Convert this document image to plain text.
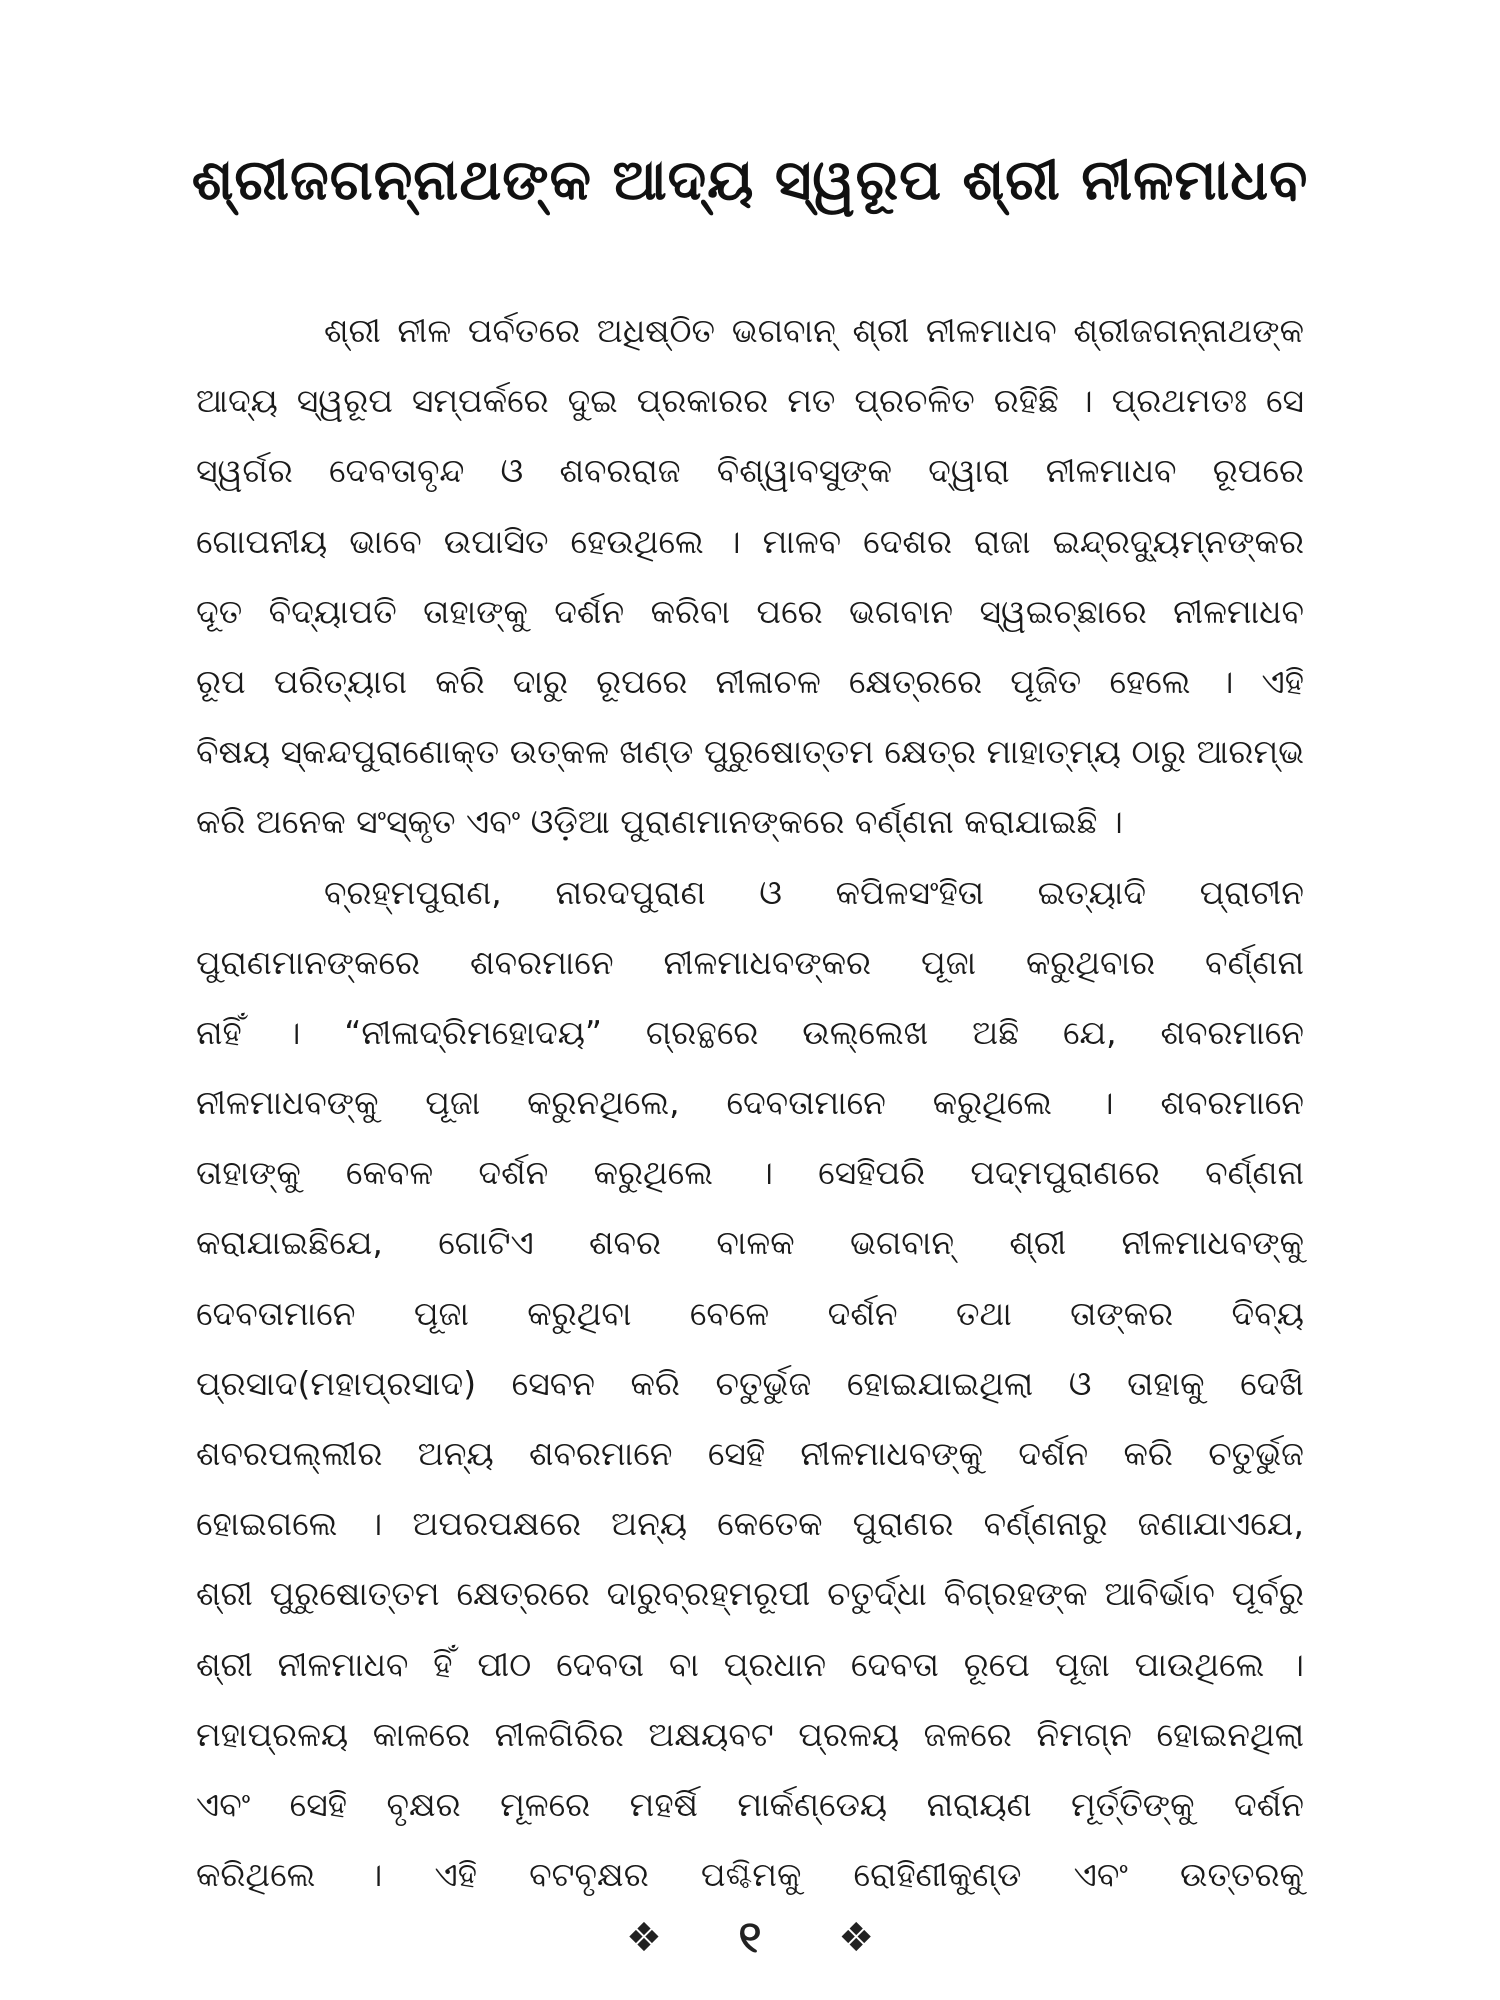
ଶ୍ରୀଜଗନ୍ନାଥଙ୍କ ଆଦ୍ୟ ସ୍ୱରୂପ ଶ୍ରୀ ନୀଳମାଧବ
ଶ୍ରୀ ନୀଳ ପର୍ବତରେ ଅଧିଷ୍ଠିତ ଭଗବାନ୍ ଶ୍ରୀ ନୀଳମାଧବ ଶ୍ରୀଜଗନ୍ନାଥଙ୍କ
ଆଦ୍ୟ ସ୍ୱରୂପ ସମ୍ପର୍କରେ ଦୁଇ ପ୍ରକାରର ମତ ପ୍ରଚଳିତ ରହିଛି । ପ୍ରଥମତଃ ସେ
ସ୍ୱର୍ଗର ଦେବତାବୃନ୍ଦ ଓ ଶବରରାଜ ବିଶ୍ୱାବସୁଙ୍କ ଦ୍ୱାରା ନୀଳମାଧବ ରୂପରେ
ଗୋପନୀୟ ଭାବେ ଉପାସିତ ହେଉଥିଲେ । ମାଳବ ଦେଶର ରାଜା ଇନ୍ଦ୍ରଦ୍ୟୁମ୍ନଙ୍କର
ଦୂତ ବିଦ୍ୟାପତି ତାହାଙ୍କୁ ଦର୍ଶନ କରିବା ପରେ ଭଗବାନ ସ୍ୱଇଚ୍ଛାରେ ନୀଳମାଧବ
ରୂପ ପରିତ୍ୟାଗ କରି ଦାରୁ ରୂପରେ ନୀଳାଚଳ କ୍ଷେତ୍ରରେ ପୂଜିତ ହେଲେ । ଏହି
ବିଷୟ ସ୍କନ୍ଦପୁରାଣୋକ୍ତ ଉତ୍କଳ ଖଣ୍ଡ ପୁରୁଷୋତ୍ତମ କ୍ଷେତ୍ର ମାହାତ୍ମ୍ୟ ଠାରୁ ଆରମ୍ଭ
କରି ଅନେକ ସଂସ୍କୃତ ଏବଂ ଓଡ଼ିଆ ପୁରାଣମାନଙ୍କରେ ବର୍ଣ୍ଣନା କରାଯାଇଛି ।
ବ୍ରହ୍ମପୁରାଣ, ନାରଦପୁରାଣ ଓ କପିଳସଂହିତା ଇତ୍ୟାଦି ପ୍ରାଚୀନ
ପୁରାଣମାନଙ୍କରେ ଶବରମାନେ ନୀଳମାଧବଙ୍କର ପୂଜା କରୁଥିବାର ବର୍ଣ୍ଣନା
ନାହିଁ । “ନୀଳାଦ୍ରିମହୋଦୟ” ଗ୍ରନ୍ଥରେ ଉଲ୍ଲେଖ ଅଛି ଯେ, ଶବରମାନେ
ନୀଳମାଧବଙ୍କୁ ପୂଜା କରୁନଥିଲେ, ଦେବତାମାନେ କରୁଥିଲେ । ଶବରମାନେ
ତାହାଙ୍କୁ କେବଳ ଦର୍ଶନ କରୁଥିଲେ । ସେହିପରି ପଦ୍ମପୁରାଣରେ ବର୍ଣ୍ଣନା
କରାଯାଇଛିଯେ, ଗୋଟିଏ ଶବର ବାଳକ ଭଗବାନ୍ ଶ୍ରୀ ନୀଳମାଧବଙ୍କୁ
ଦେବତାମାନେ ପୂଜା କରୁଥିବା ବେଳେ ଦର୍ଶନ ତଥା ତାଙ୍କର ଦିବ୍ୟ
ପ୍ରସାଦ(ମହାପ୍ରସାଦ) ସେବନ କରି ଚତୁର୍ଭୁଜ ହୋଇଯାଇଥିଲା ଓ ତାହାକୁ ଦେଖି
ଶବରପଲ୍ଲୀର ଅନ୍ୟ ଶବରମାନେ ସେହି ନୀଳମାଧବଙ୍କୁ ଦର୍ଶନ କରି ଚତୁର୍ଭୁଜ
ହୋଇଗଲେ । ଅପରପକ୍ଷରେ ଅନ୍ୟ କେତେକ ପୁରାଣର ବର୍ଣ୍ଣନାରୁ ଜଣାଯାଏଯେ,
ଶ୍ରୀ ପୁରୁଷୋତ୍ତମ କ୍ଷେତ୍ରରେ ଦାରୁବ୍ରହ୍ମରୂପୀ ଚତୁର୍ଦ୍ଧା ବିଗ୍ରହଙ୍କ ଆବିର୍ଭାବ ପୂର୍ବରୁ
ଶ୍ରୀ ନୀଳମାଧବ ହିଁ ପୀଠ ଦେବତା ବା ପ୍ରଧାନ ଦେବତା ରୂପେ ପୂଜା ପାଉଥିଲେ ।
ମହାପ୍ରଳୟ କାଳରେ ନୀଳଗିରିର ଅକ୍ଷୟବଟ ପ୍ରଳୟ ଜଳରେ ନିମଗ୍ନ ହୋଇନଥିଲା
ଏବଂ ସେହି ବୃକ୍ଷର ମୂଳରେ ମହର୍ଷି ମାର୍କଣ୍ଡେୟ ନାରାୟଣ ମୂର୍ତ୍ତିଙ୍କୁ ଦର୍ଶନ
କରିଥିଲେ । ଏହି ବଟବୃକ୍ଷର ପଶ୍ଚିମକୁ ରୋହିଣୀକୁଣ୍ଡ ଏବଂ ଉତ୍ତରକୁ
❖ ୧ ❖
